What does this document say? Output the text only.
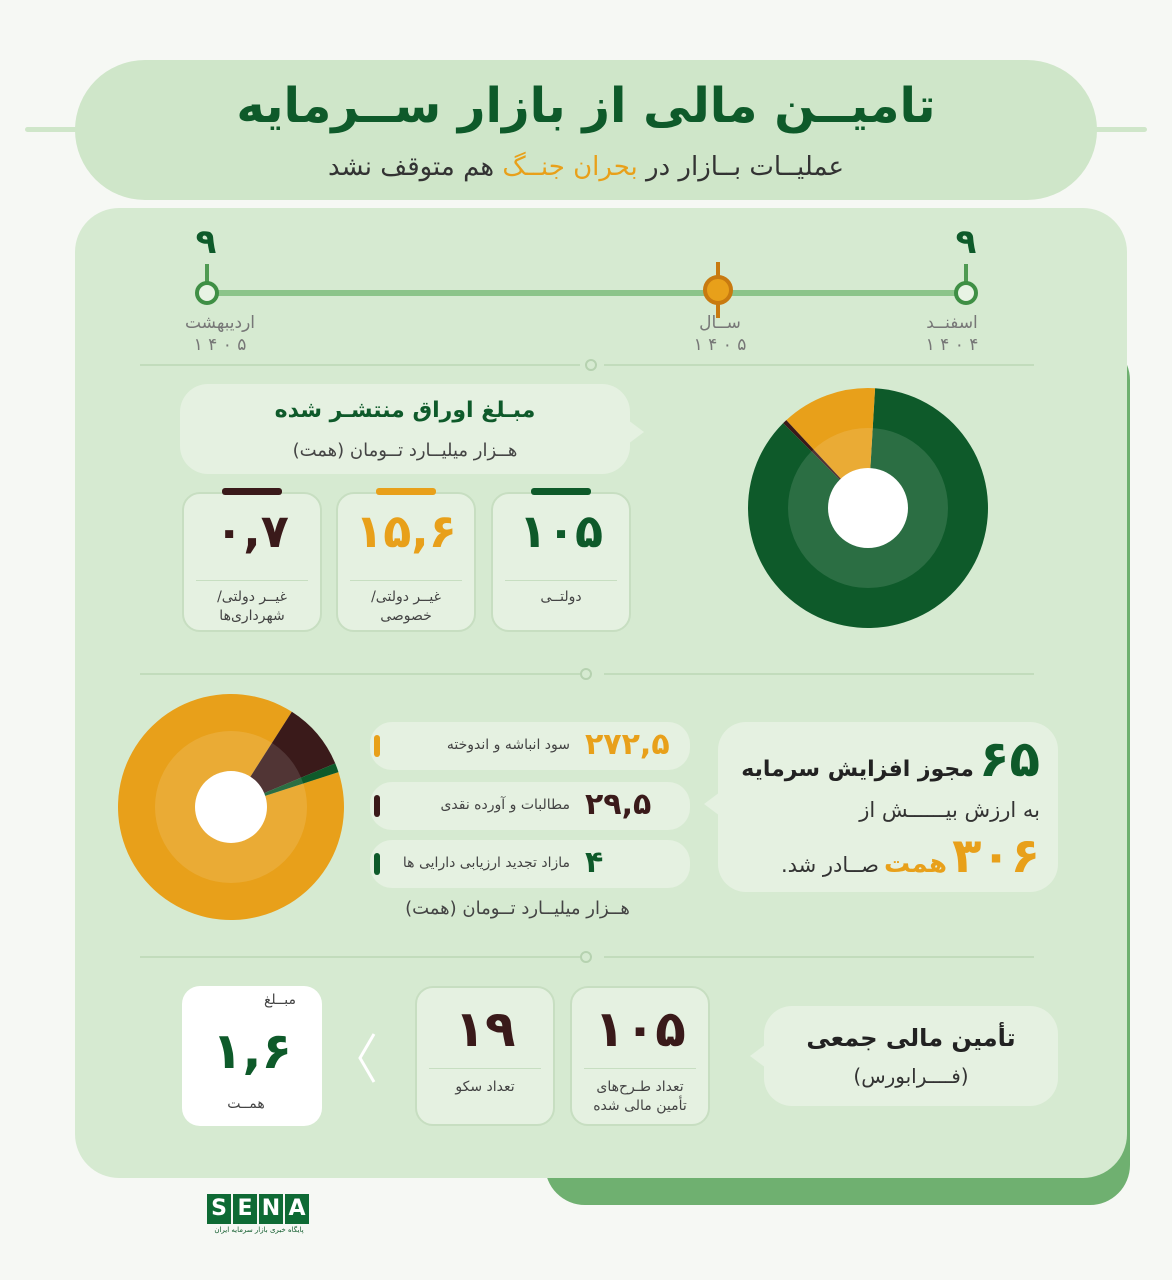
تامیــن مالی از بازار ســرمایه
عملیــات بــازار در بحران جنــگ هم متوقف نشد
۹	۹
اردیبهشت
۱ ۴ ۰ ۵
ســال
۱ ۴ ۰ ۵
اسفنــد
۱ ۴ ۰ ۴
مبـلغ اوراق منتشـر شده
هــزار میلیــارد تــومان (همت)
۱۰۵
دولتــی
۱۵,۶
غیــر دولتی/
خصوصی
۰,۷
غیــر دولتی/
شهرداری‌ها
سود انباشه و اندوخته ۲۷۲,۵
مطالبات و آورده نقدی ۲۹,۵
مازاد تجدید ارزیابی دارایی ها ۴
هــزار میلیــارد تــومان (همت)
۶۵ مجوز افزایش سرمایه
به ارزش بیــــــش از
۳۰۶ همت صــادر شد.
تأمین مالی جمعی
(فــــرابورس)
۱۰۵
تعداد طـرح‌های
تأمین مالی شده
۱۹
تعداد سکو
مبــلغ
۱,۶
همــت
S E N A
پایگاه خبری بازار سرمایه ایران
